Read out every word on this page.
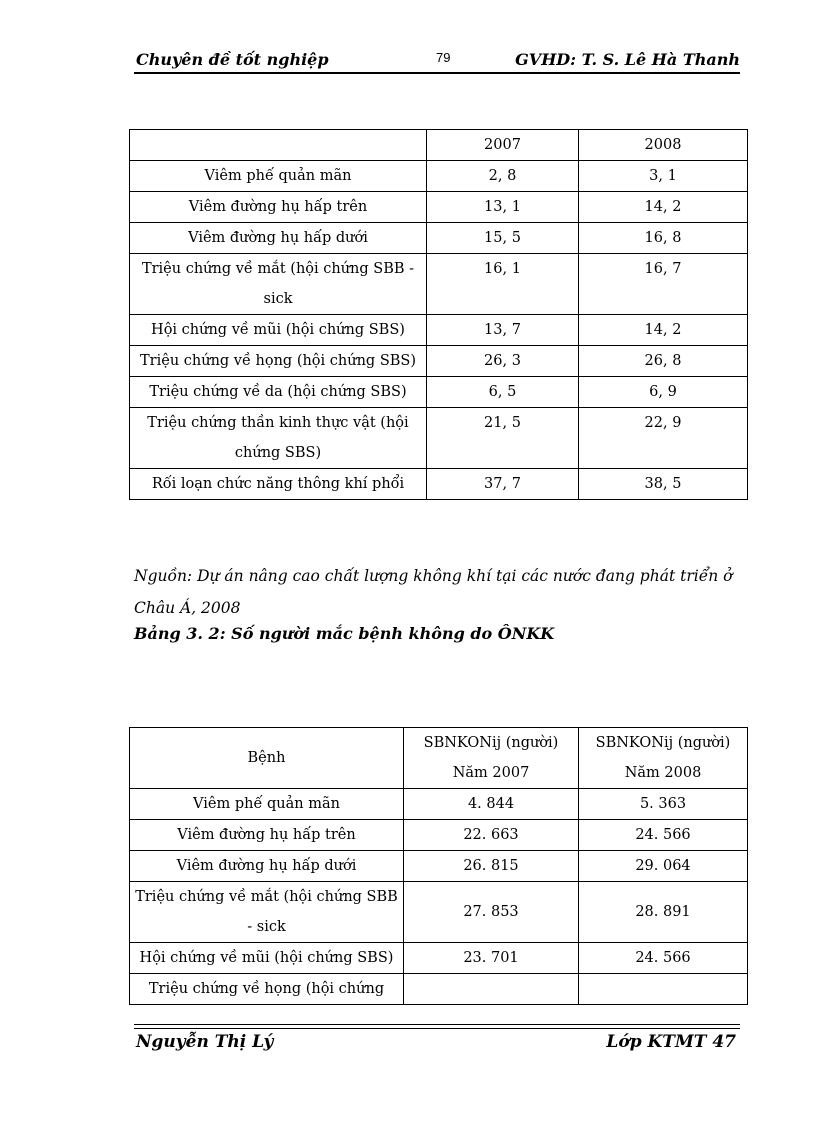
Chuyên đề tốt nghiệp	79	GVHD: T. S. Lê Hà Thanh
	2007	2008
Viêm phế quản mãn	2, 8	3, 1
Viêm đường hụ hấp trên	13, 1	14, 2
Viêm đường hụ hấp dưới	15, 5	16, 8
Triệu chứng về mắt (hội chứng SBB - sick	16, 1	16, 7
Hội chứng về mũi (hội chứng SBS)	13, 7	14, 2
Triệu chứng về họng (hội chứng SBS)	26, 3	26, 8
Triệu chứng về da (hội chứng SBS)	6, 5	6, 9
Triệu chứng thần kinh thực vật (hội chứng SBS)	21, 5	22, 9
Rối loạn chức năng thông khí phổi	37, 7	38, 5
Nguồn: Dự án nâng cao chất lượng không khí tại các nước đang phát triển ở Châu Á, 2008
Bảng 3. 2: Số người mắc bệnh không do ÔNKK
Bệnh	SBNKONij (người) Năm 2007	SBNKONij (người) Năm 2008
Viêm phế quản mãn	4. 844	5. 363
Viêm đường hụ hấp trên	22. 663	24. 566
Viêm đường hụ hấp dưới	26. 815	29. 064
Triệu chứng về mắt (hội chứng SBB - sick	27. 853	28. 891
Hội chứng về mũi (hội chứng SBS)	23. 701	24. 566
Triệu chứng về họng (hội chứng		
Nguyễn Thị Lý	Lớp KTMT 47
